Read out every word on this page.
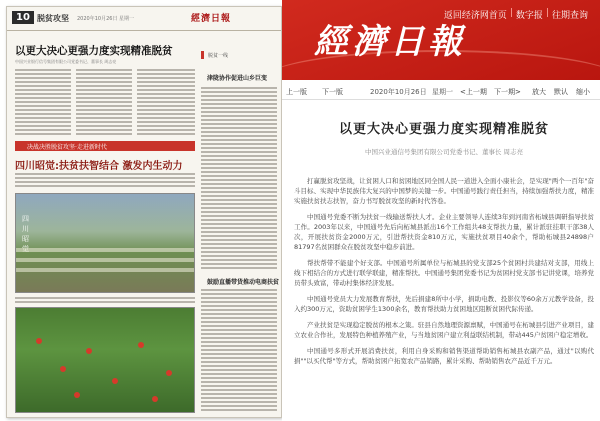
10 脱贫攻坚 2020年10月26日 星期一	經濟日報
以更大决心更强力度实现精准脱贫
中国兴业银行信号集团有限公司党委书记、董事长 周志亮
决战决胜脱贫攻坚·走进新时代
四川昭觉:扶贫扶智结合 激发内生动力
四川昭
脱贫一线
津陇协作促进山乡巨变
鼓励直播带货推动电商扶贫
經濟日報
返回经济网首页 | 数字报 | 往期查询
上一版 下一版	2020年10月26日 星期一 <上一期 下一期> 放大 默认 缩小
以更大决心更强力度实现精准脱贫
中国兴业通信号集团有限公司党委书记、董事长 周志亮

打赢脱贫攻坚战，让贫困人口和贫困地区同全国人民一道进入全面小康社会，是实现"两个一百年"奋斗目标、实现中华民族伟大复兴的中国梦的关键一步。中国通号践行责任担当，持续加强帮扶力度，精准实施扶贫扶志扶智，奋力书写脱贫攻坚的新时代答卷。

中国通号党委不断为扶贫一线输送帮扶人才。企业主要领导人连续3年到河南省柘城县调研指导扶贫工作。2003年以来，中国通号先后向柘城县派出16个工作组共48支帮扶力量，累计派驻挂职干部38人次，开展扶贫资金2000万元，引进帮扶资金810万元，实施扶贫项目40余个，帮助柘城县24898户81797名贫困群众在脱贫攻坚中稳步前进。

帮扶帮带不能建个好支部。中国通号所属单位与柘城县的党支部25个贫困村共建结对支部，用线上线下相结合的方式进行联学联建，精准帮扶。中国通号集团党委书记为贫困村党支部书记讲党课，培养党员带头致富，带动村集体经济发展。

中国通号党员大力发展教育帮扶，先后捐建8所中小学，捐助电教、投影仪等60余万元教学设备，投入约300万元，资助贫困学生1300余名，教育帮扶助力贫困地区阻断贫困代际传递。

产业扶贫是实现稳定脱贫的根本之策。驻县自然地理资源禀赋，中国通号在柘城县引进产业项目，建立农业合作社，发展特色种植养殖产业，与当地贫困户建立利益联结机制，带动445户贫困户稳定增收。

中国通号多形式开展消费扶贫，利用自身采购和销售渠道帮助销售柘城县农副产品，通过"以购代捐""以买代帮"等方式，帮助贫困户拓宽农产品销路，累计采购、帮助销售农产品近千万元。
